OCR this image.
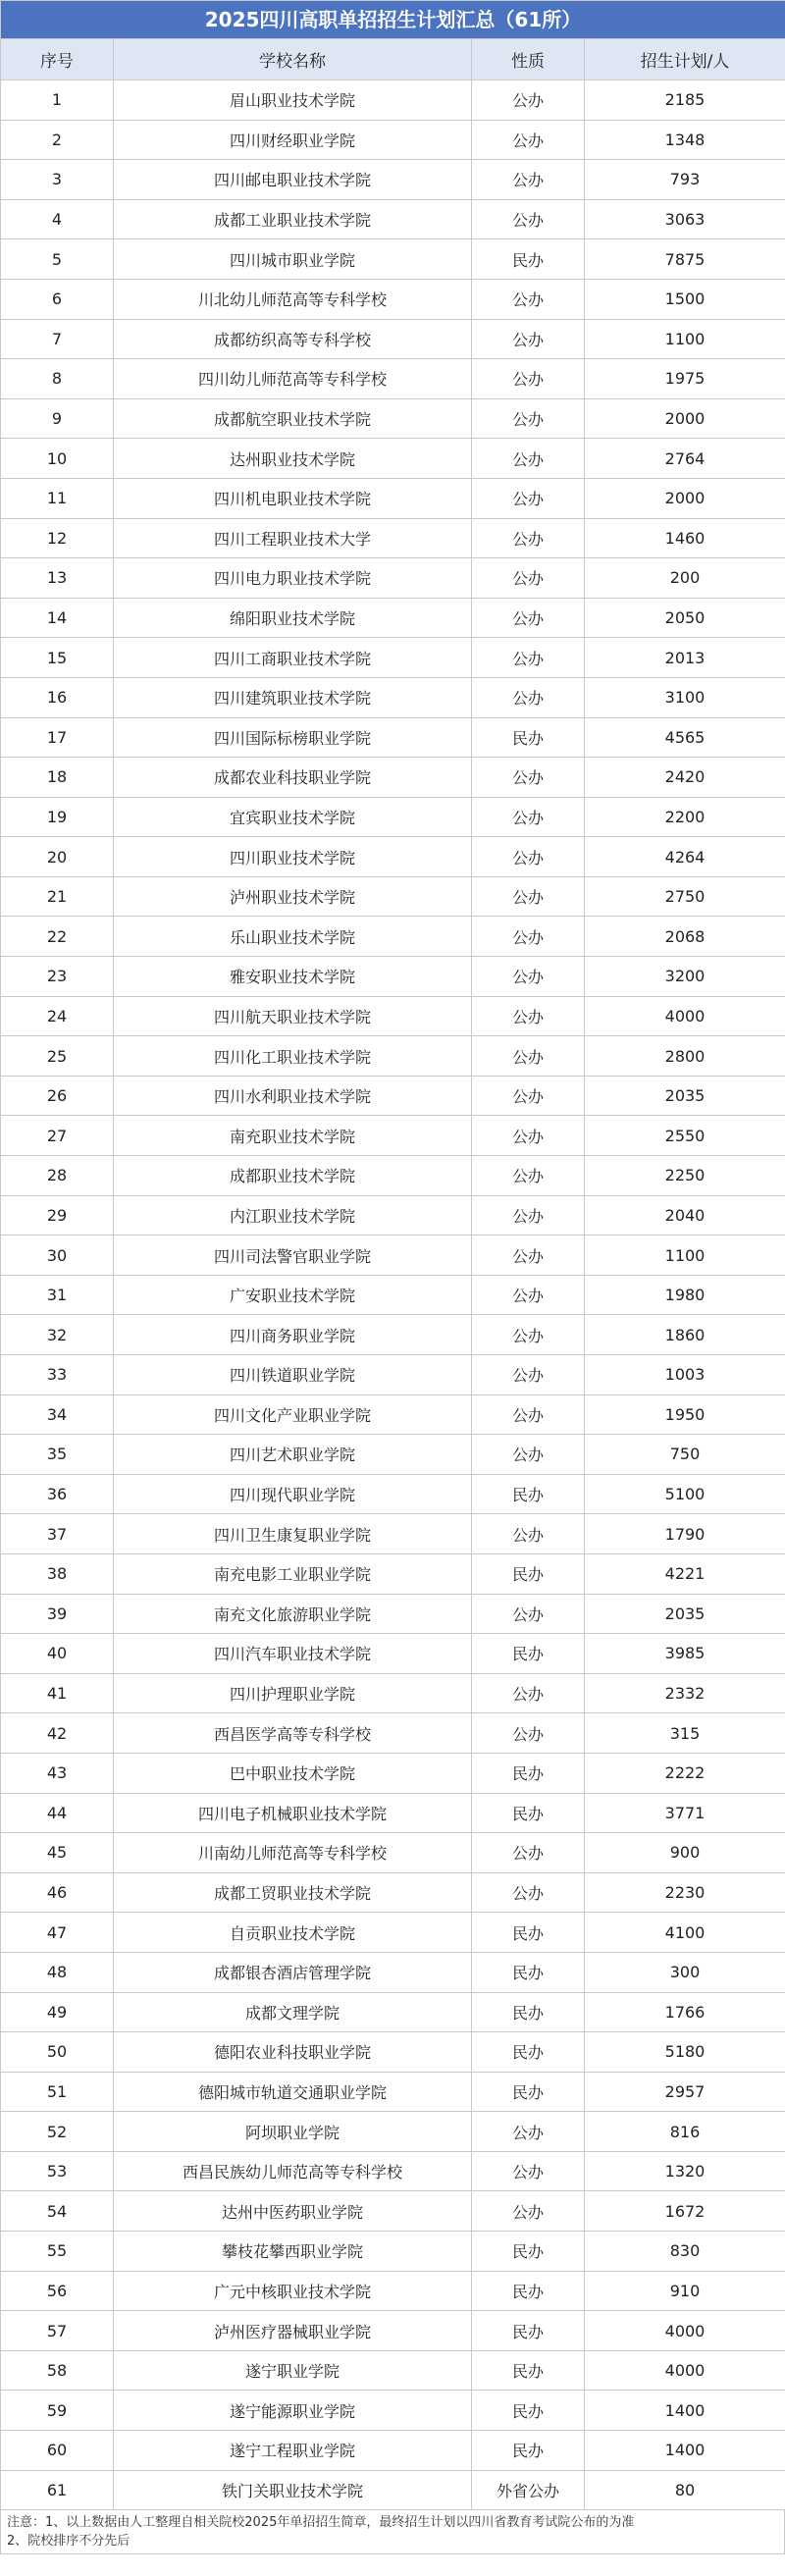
2025四川高职单招招生计划汇总（61所）
序号	学校名称	性质	招生计划/人
1	眉山职业技术学院	公办	2185
2	四川财经职业学院	公办	1348
3	四川邮电职业技术学院	公办	793
4	成都工业职业技术学院	公办	3063
5	四川城市职业学院	民办	7875
6	川北幼儿师范高等专科学校	公办	1500
7	成都纺织高等专科学校	公办	1100
8	四川幼儿师范高等专科学校	公办	1975
9	成都航空职业技术学院	公办	2000
10	达州职业技术学院	公办	2764
11	四川机电职业技术学院	公办	2000
12	四川工程职业技术大学	公办	1460
13	四川电力职业技术学院	公办	200
14	绵阳职业技术学院	公办	2050
15	四川工商职业技术学院	公办	2013
16	四川建筑职业技术学院	公办	3100
17	四川国际标榜职业学院	民办	4565
18	成都农业科技职业学院	公办	2420
19	宜宾职业技术学院	公办	2200
20	四川职业技术学院	公办	4264
21	泸州职业技术学院	公办	2750
22	乐山职业技术学院	公办	2068
23	雅安职业技术学院	公办	3200
24	四川航天职业技术学院	公办	4000
25	四川化工职业技术学院	公办	2800
26	四川水利职业技术学院	公办	2035
27	南充职业技术学院	公办	2550
28	成都职业技术学院	公办	2250
29	内江职业技术学院	公办	2040
30	四川司法警官职业学院	公办	1100
31	广安职业技术学院	公办	1980
32	四川商务职业学院	公办	1860
33	四川铁道职业学院	公办	1003
34	四川文化产业职业学院	公办	1950
35	四川艺术职业学院	公办	750
36	四川现代职业学院	民办	5100
37	四川卫生康复职业学院	公办	1790
38	南充电影工业职业学院	民办	4221
39	南充文化旅游职业学院	公办	2035
40	四川汽车职业技术学院	民办	3985
41	四川护理职业学院	公办	2332
42	西昌医学高等专科学校	公办	315
43	巴中职业技术学院	民办	2222
44	四川电子机械职业技术学院	民办	3771
45	川南幼儿师范高等专科学校	公办	900
46	成都工贸职业技术学院	公办	2230
47	自贡职业技术学院	民办	4100
48	成都银杏酒店管理学院	民办	300
49	成都文理学院	民办	1766
50	德阳农业科技职业学院	民办	5180
51	德阳城市轨道交通职业学院	民办	2957
52	阿坝职业学院	公办	816
53	西昌民族幼儿师范高等专科学校	公办	1320
54	达州中医药职业学院	公办	1672
55	攀枝花攀西职业学院	民办	830
56	广元中核职业技术学院	民办	910
57	泸州医疗器械职业学院	民办	4000
58	遂宁职业学院	民办	4000
59	遂宁能源职业学院	民办	1400
60	遂宁工程职业学院	民办	1400
61	铁门关职业技术学院	外省公办	80
注意：1、以上数据由人工整理自相关院校2025年单招招生简章，最终招生计划以四川省教育考试院公布的为准
2、院校排序不分先后
